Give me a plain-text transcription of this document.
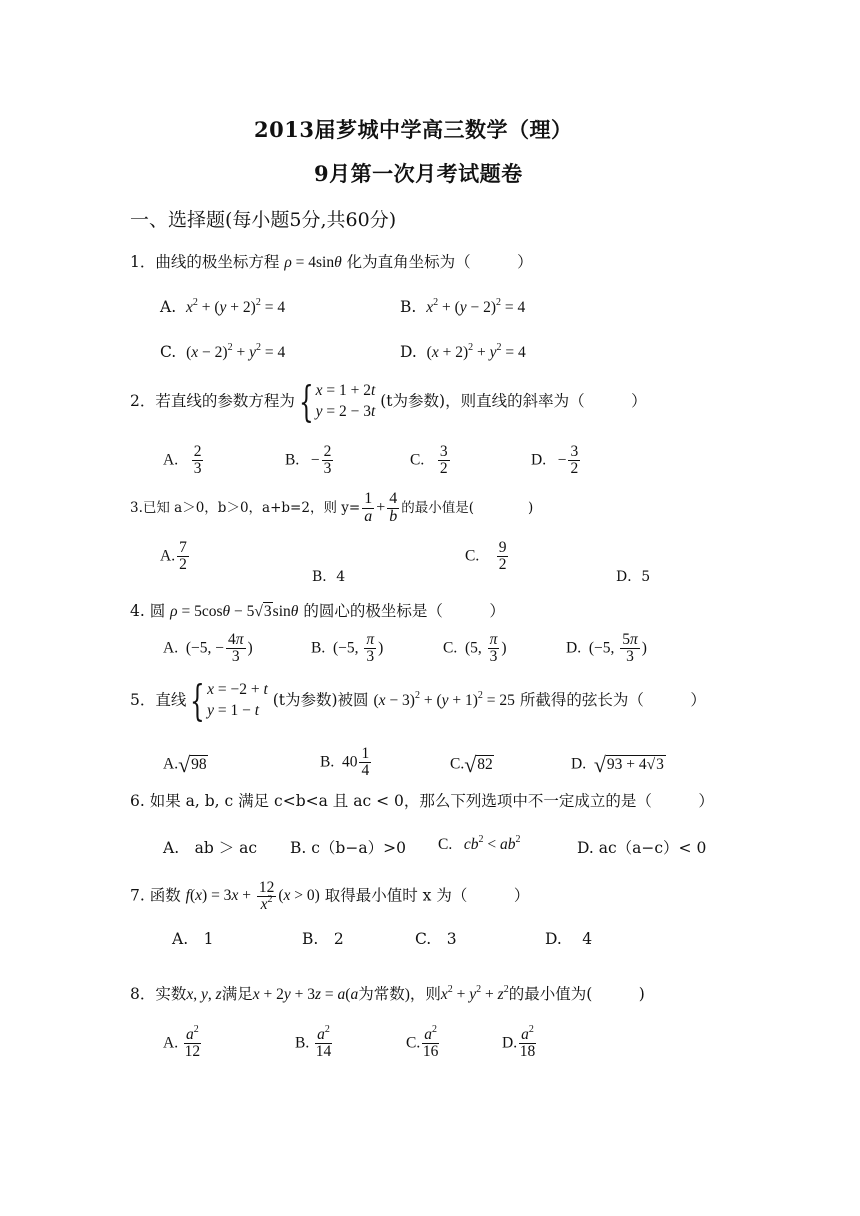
2013届芗城中学高三数学（理）
9月第一次月考试题卷
一、选择题(每小题5分,共60分)
1．曲线的极坐标方程 ρ = 4sinθ 化为直角坐标为（　　　）
A. $x^2 + (y + 2)^2 = 4$	B. $x^2 + (y - 2)^2 = 4$
C. $(x - 2)^2 + y^2 = 4$	D. $(x + 2)^2 + y^2 = 4$
2．若直线的参数方程为{ x = 1 + 2t
y = 2 − 3t (t为参数)，则直线的斜率为（　　　）
A. $\frac{2}{3}$	B.   − $\frac{2}{3}$	C. $\frac{3}{2}$	D.   − $\frac{3}{2}$
3.已知 a＞0，b＞0，a+b=2，则 $y= \frac{1}{a} + \frac{4}{b}$ 的最小值是(　　　　)
A. $\frac{7}{2}$
B．4
C. $\frac{9}{2}$
D．5
4. 圆 ρ = 5cosθ − 5√3sinθ 的圆心的极坐标是（　　　）
A.  (−5, − $\frac{4\pi}{3}$ )	B.  (−5, $\frac{\pi}{3}$ )	C.  (5, $\frac{\pi}{3}$ )	D.  (−5, $\frac{5\pi}{3}$ )
5．直线{ x = −2 + t
y = 1 − t (t为参数)被圆 $(x - 3)^2 + (y + 1)^2 = 25$ 所截得的弦长为（　　　）
A.√98	B.  $40 \frac{1}{4}$	C.√82	D. √93 + 4√3
6. 如果 a, b, c 满足 c<b<a 且 ac < 0，那么下列选项中不一定成立的是（　　　）
A.　ab ＞ ac B. c（b−a）>0 C. $cb^2 < ab^2$	D. ac（a−c）< 0
7. 函数 $f(x) = 3x + \frac{12}{x^2} (x > 0)$ 取得最小值时 x 为（　　　）
A.　1	B.　2	C.　3	D.　 4
8．实数x, y, z满足x + 2y + 3z = a(a为常数)，则$x^2 + y^2 + z^2$的最小值为(　　　)
A. $\frac{a^2}{12}$	B. $\frac{a^2}{14}$	C. $\frac{a^2}{16}$	D. $\frac{a^2}{18}$
